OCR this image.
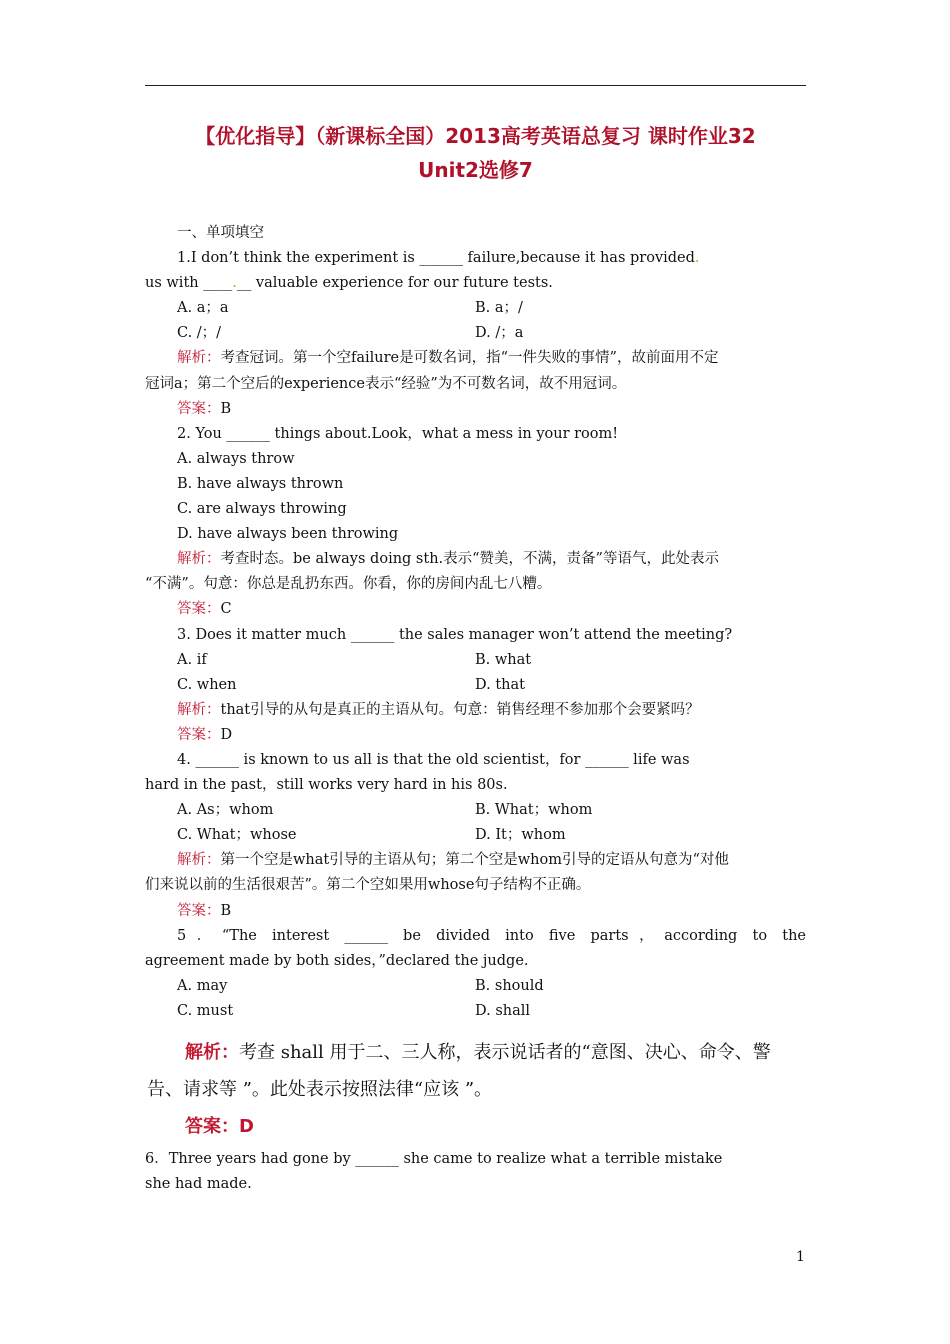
【优化指导】（新课标全国）2013高考英语总复习 课时作业32
Unit2选修7
一、单项填空
1.I don’t think the experiment is ______ failure,because it has provided.
us with ____.__ valuable experience for our future tests.
A. a；a	B. a；/
C. /；/	D. /；a
解析：考查冠词。第一个空failure是可数名词，指“一件失败的事情”，故前面用不定
冠词a；第二个空后的experience表示“经验”为不可数名词，故不用冠词。
答案：B
2. You ______ things about.Look，what a mess in your room!
A. always throw
B. have always thrown
C. are always throwing
D. have always been throwing
解析：考查时态。be always doing sth.表示“赞美，不满，责备”等语气，此处表示
“不满”。句意：你总是乱扔东西。你看，你的房间内乱七八糟。
答案：C
3. Does it matter much ______ the sales manager won’t attend the meeting?
A. if	B. what
C. when	D. that
解析：that引导的从句是真正的主语从句。句意：销售经理不参加那个会要紧吗？
答案：D
4. ______ is known to us all is that the old scientist，for ______ life was
hard in the past，still works very hard in his 80s.
A. As；whom	B. What；whom
C. What；whose	D. It；whom
解析：第一个空是what引导的主语从句；第二个空是whom引导的定语从句意为“对他
们来说以前的生活很艰苦”。第二个空如果用whose句子结构不正确。
答案：B
5．“The interest ______ be divided into five parts，according to the
agreement made by both sides，”declared the judge.
A. may	B. should
C. must	D. shall
解析：考查 shall 用于二、三人称，表示说话者的“意图、决心、命令、警
告、请求等 ”。此处表示按照法律“应该 ”。
答案：D
6．Three years had gone by ______ she came to realize what a terrible mistake
she had made.
1
